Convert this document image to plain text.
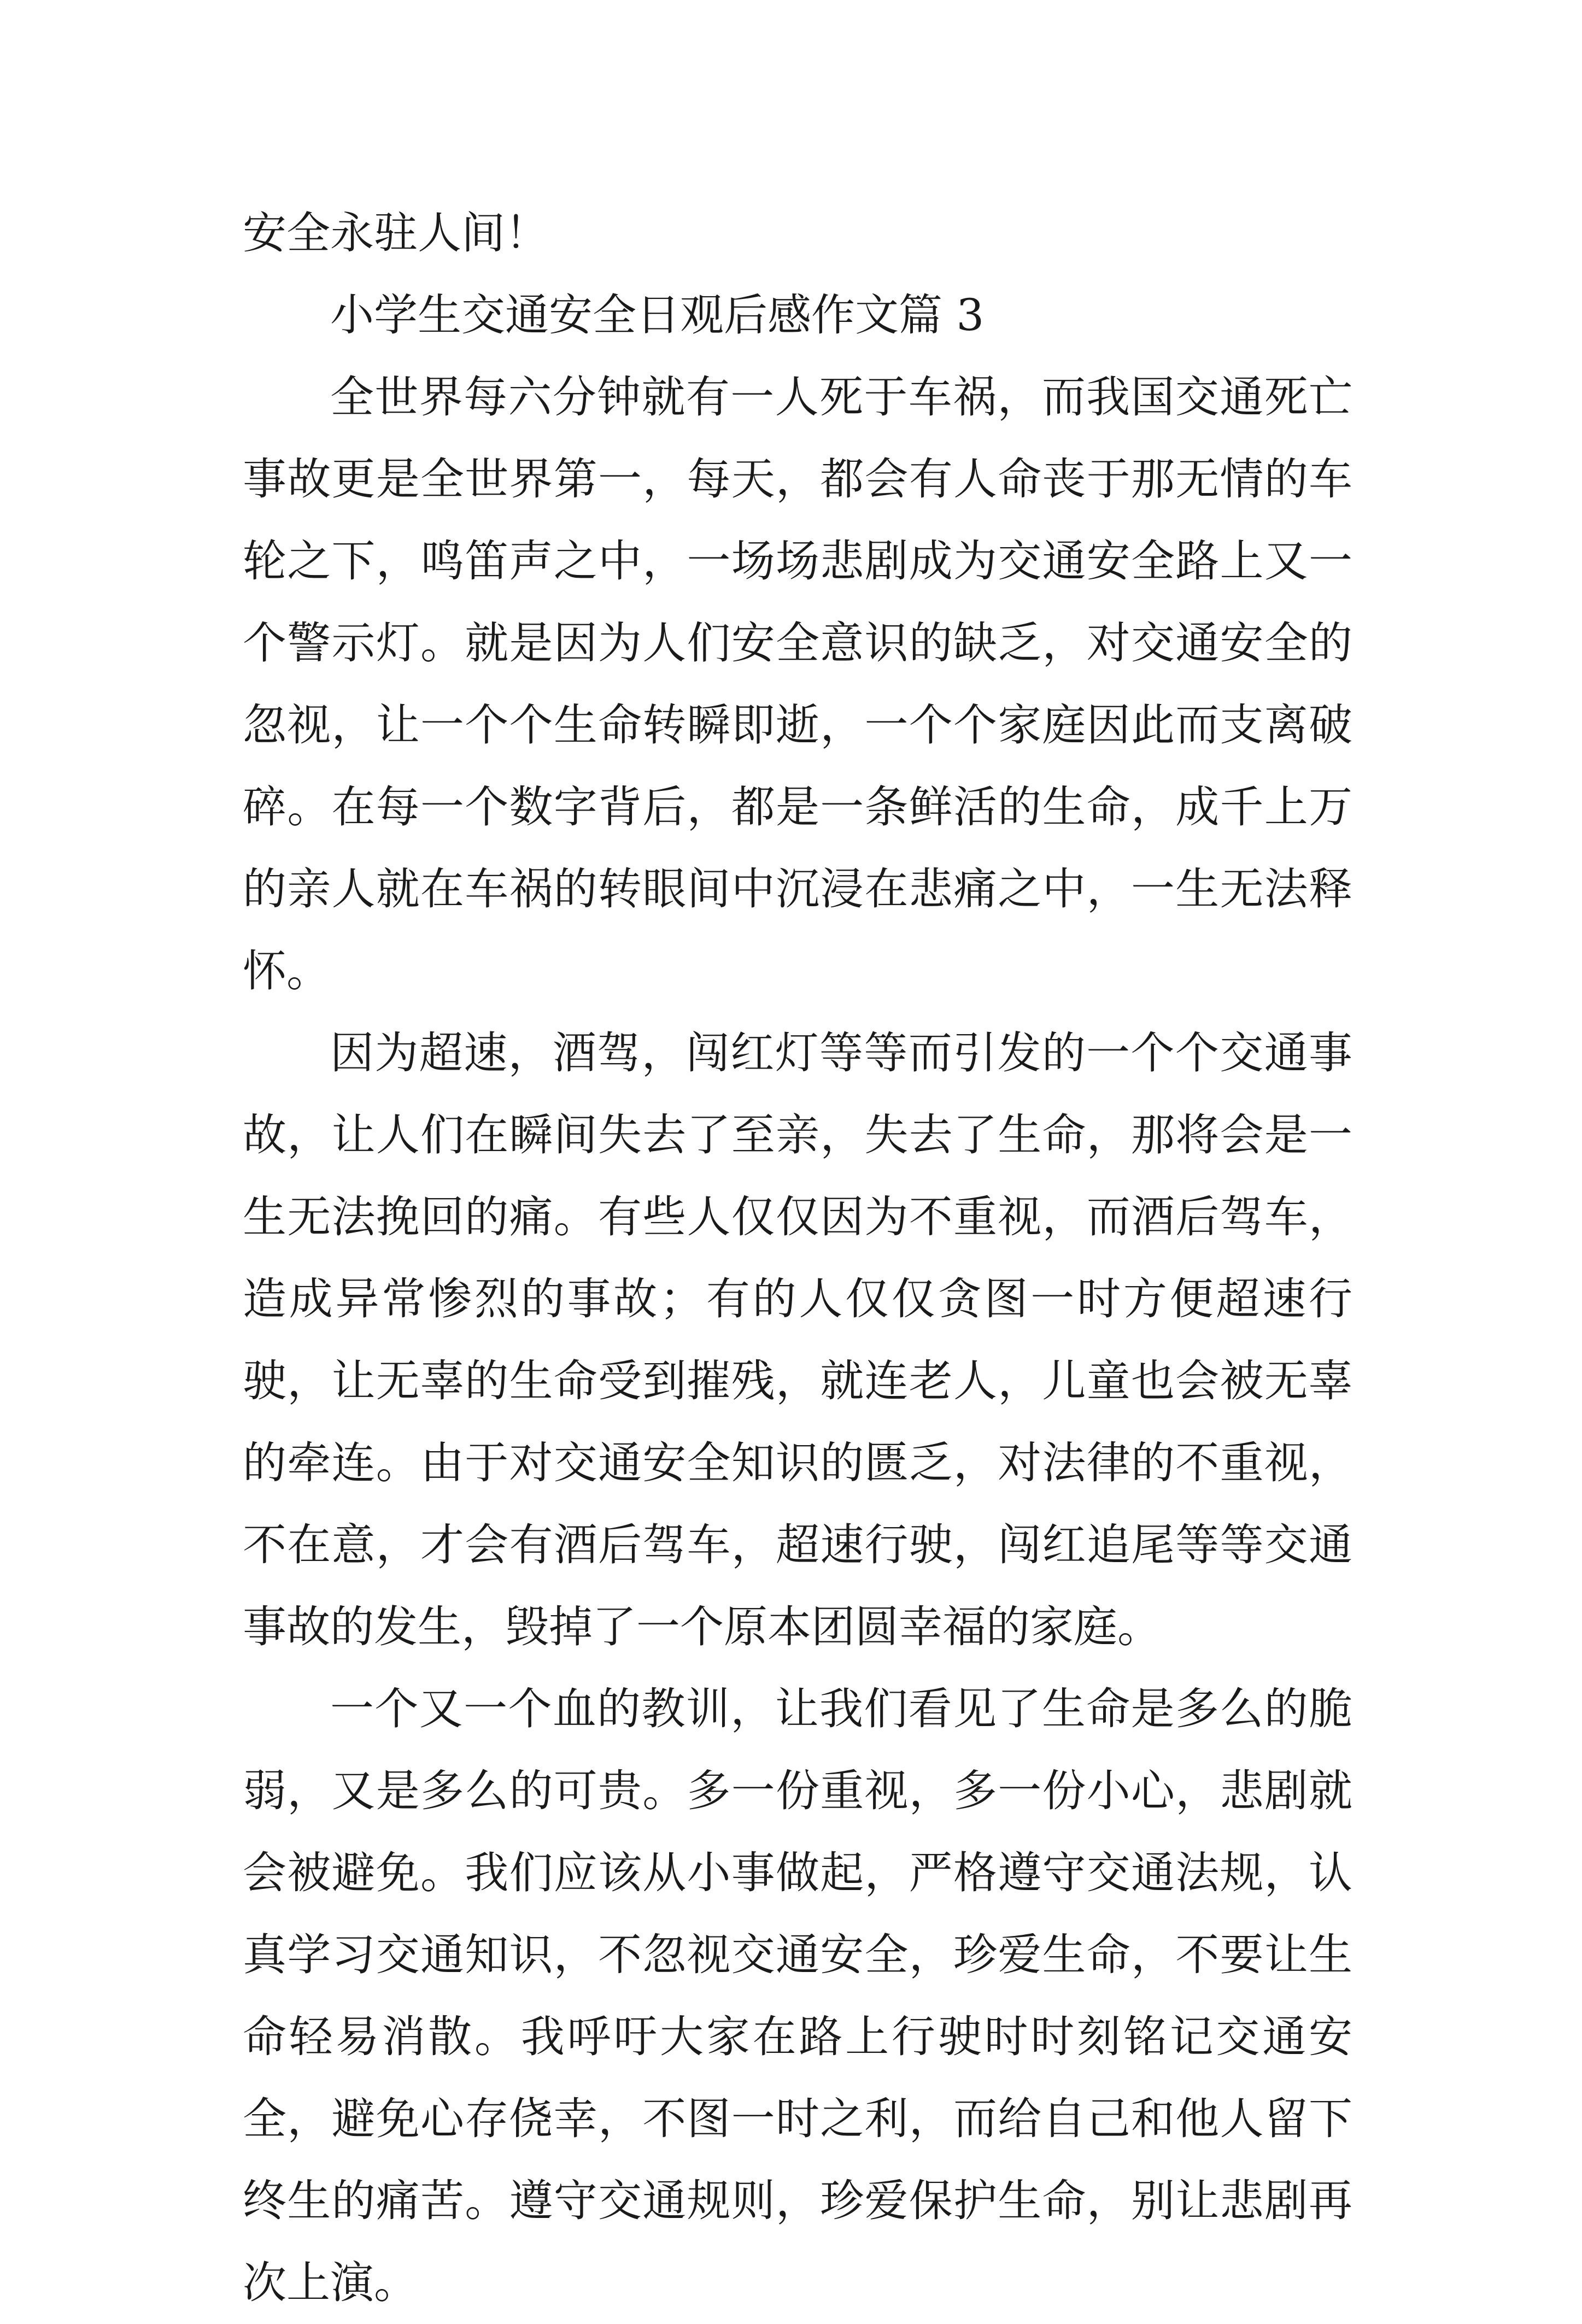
安全永驻人间！

小学生交通安全日观后感作文篇 3

全世界每六分钟就有一人死于车祸，而我国交通死亡事故更是全世界第一，每天，都会有人命丧于那无情的车轮之下，鸣笛声之中，一场场悲剧成为交通安全路上又一个警示灯。就是因为人们安全意识的缺乏，对交通安全的忽视，让一个个生命转瞬即逝，一个个家庭因此而支离破碎。在每一个数字背后，都是一条鲜活的生命，成千上万的亲人就在车祸的转眼间中沉浸在悲痛之中，一生无法释怀。

因为超速，酒驾，闯红灯等等而引发的一个个交通事故，让人们在瞬间失去了至亲，失去了生命，那将会是一生无法挽回的痛。有些人仅仅因为不重视，而酒后驾车，造成异常惨烈的事故；有的人仅仅贪图一时方便超速行驶，让无辜的生命受到摧残，就连老人，儿童也会被无辜的牵连。由于对交通安全知识的匮乏，对法律的不重视，不在意，才会有酒后驾车，超速行驶，闯红追尾等等交通事故的发生，毁掉了一个原本团圆幸福的家庭。

一个又一个血的教训，让我们看见了生命是多么的脆弱，又是多么的可贵。多一份重视，多一份小心，悲剧就会被避免。我们应该从小事做起，严格遵守交通法规，认真学习交通知识，不忽视交通安全，珍爱生命，不要让生命轻易消散。我呼吁大家在路上行驶时时刻铭记交通安全，避免心存侥幸，不图一时之利，而给自己和他人留下终生的痛苦。遵守交通规则，珍爱保护生命，别让悲剧再次上演。
